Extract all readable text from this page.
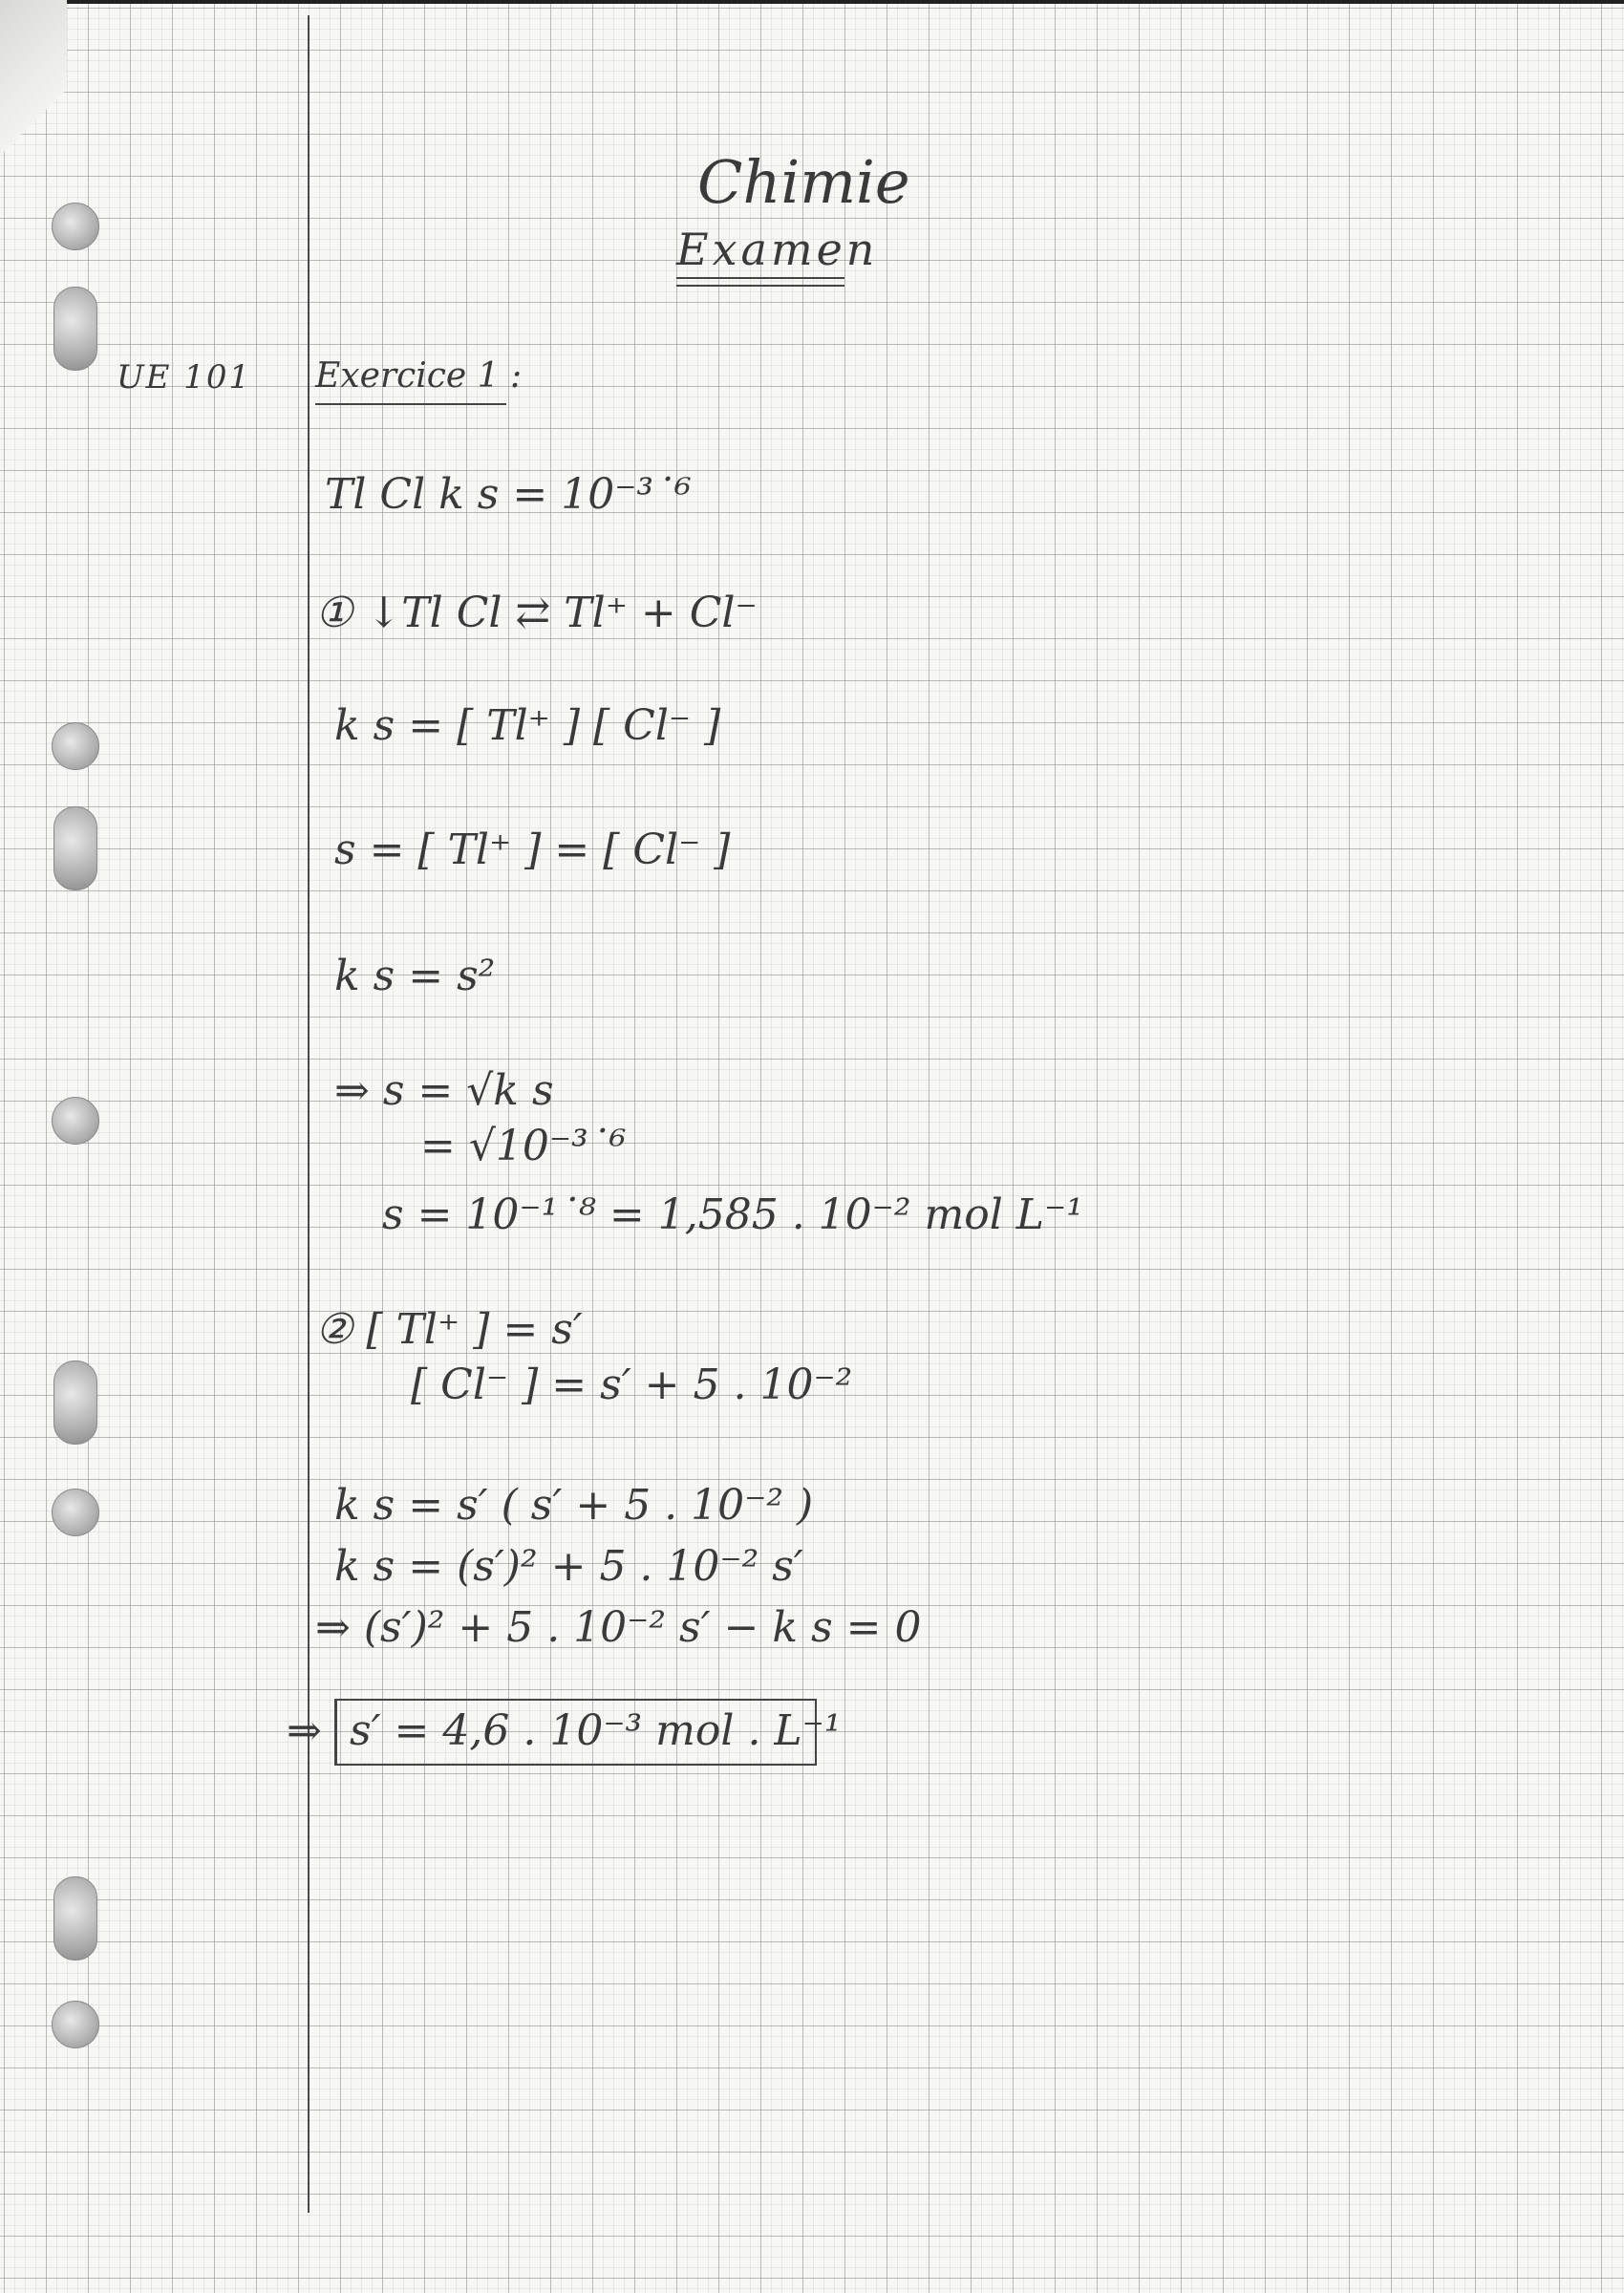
Chimie

Examen

UE 101 Exercice 1 :

Tl Cl k s = 10⁻³˙⁶

① ↓Tl Cl ⇄ Tl⁺ + Cl⁻

k s = [ Tl⁺ ] [ Cl⁻ ]

s = [ Tl⁺ ] = [ Cl⁻ ]

k s = s²

⇒ s = √k s

= √10⁻³˙⁶

s = 10⁻¹˙⁸ = 1,585 . 10⁻² mol L⁻¹

② [ Tl⁺ ] = s′

[ Cl⁻ ] = s′ + 5 . 10⁻²

k s = s′ ( s′ + 5 . 10⁻² )

k s = (s′)² + 5 . 10⁻² s′

⇒ (s′)² + 5 . 10⁻² s′ − k s = 0

⇒ s′ = 4,6 . 10⁻³ mol . L⁻¹
